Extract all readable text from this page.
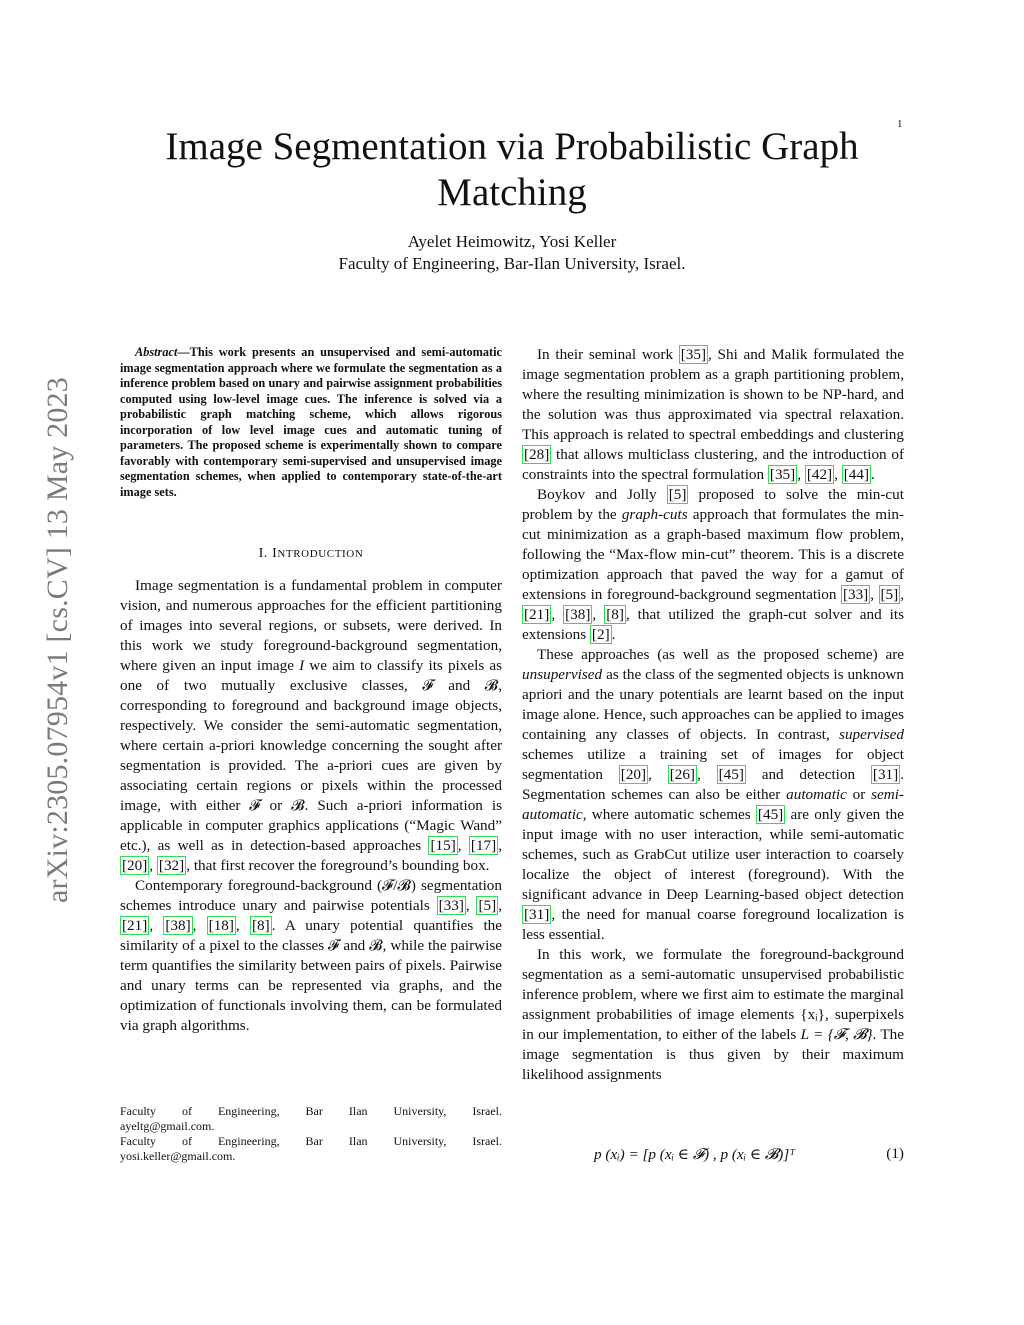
1
arXiv:2305.07954v1 [cs.CV] 13 May 2023
Image Segmentation via Probabilistic Graph Matching
Ayelet Heimowitz, Yosi Keller
Faculty of Engineering, Bar-Ilan University, Israel.

Abstract—This work presents an unsupervised and semi-automatic image segmentation approach where we formulate the segmentation as a inference problem based on unary and pairwise assignment probabilities computed using low-level image cues. The inference is solved via a probabilistic graph matching scheme, which allows rigorous incorporation of low level image cues and automatic tuning of parameters. The proposed scheme is experimentally shown to compare favorably with contemporary semi-supervised and unsupervised image segmentation schemes, when applied to contemporary state-of-the-art image sets.

I. INTRODUCTION

Image segmentation is a fundamental problem in computer vision, and numerous approaches for the efficient partitioning of images into several regions, or subsets, were derived. In this work we study foreground-background segmentation, where given an input image I we aim to classify its pixels as one of two mutually exclusive classes, 𝓕 and 𝓑, corresponding to foreground and background image objects, respectively. We consider the semi-automatic segmentation, where certain a-priori knowledge concerning the sought after segmentation is provided. The a-priori cues are given by associating certain regions or pixels within the processed image, with either 𝓕 or 𝓑. Such a-priori information is applicable in computer graphics applications (“Magic Wand” etc.), as well as in detection-based approaches [15] , [17] , [20] , [32] , that first recover the foreground’s bounding box.

Contemporary foreground-background (𝓕/𝓑) segmentation schemes introduce unary and pairwise potentials [33] , [5] , [21] , [38] , [18] , [8] . A unary potential quantifies the similarity of a pixel to the classes 𝓕 and 𝓑, while the pairwise term quantifies the similarity between pairs of pixels. Pairwise and unary terms can be represented via graphs, and the optimization of functionals involving them, can be formulated via graph algorithms.

Faculty of Engineering, Bar Ilan University, Israel.
ayeltg@gmail.com.
Faculty of Engineering, Bar Ilan University, Israel.
yosi.keller@gmail.com.

In their seminal work [35] , Shi and Malik formulated the image segmentation problem as a graph partitioning problem, where the resulting minimization is shown to be NP-hard, and the solution was thus approximated via spectral relaxation. This approach is related to spectral embeddings and clustering [28] that allows multiclass clustering, and the introduction of constraints into the spectral formulation [35] , [42] , [44] .

Boykov and Jolly [5] proposed to solve the min-cut problem by the graph-cuts approach that formulates the min-cut minimization as a graph-based maximum flow problem, following the “Max-flow min-cut” theorem. This is a discrete optimization approach that paved the way for a gamut of extensions in foreground-background segmentation [33] , [5] , [21] , [38] , [8] , that utilized the graph-cut solver and its extensions [2] .

These approaches (as well as the proposed scheme) are unsupervised as the class of the segmented objects is unknown apriori and the unary potentials are learnt based on the input image alone. Hence, such approaches can be applied to images containing any classes of objects. In contrast, supervised schemes utilize a training set of images for object segmentation [20] , [26] , [45] and detection [31] . Segmentation schemes can also be either automatic or semi-automatic, where automatic schemes [45] are only given the input image with no user interaction, while semi-automatic schemes, such as GrabCut utilize user interaction to coarsely localize the object of interest (foreground). With the significant advance in Deep Learning-based object detection [31] , the need for manual coarse foreground localization is less essential.

In this work, we formulate the foreground-background segmentation as a semi-automatic unsupervised probabilistic inference problem, where we first aim to estimate the marginal assignment probabilities of image elements {xᵢ}, superpixels in our implementation, to either of the labels L = {𝓕, 𝓑}. The image segmentation is thus given by their maximum likelihood assignments

p (xᵢ) = [p (xᵢ ∈ 𝓕) , p (xᵢ ∈ 𝓑)]ᵀ	(1)
